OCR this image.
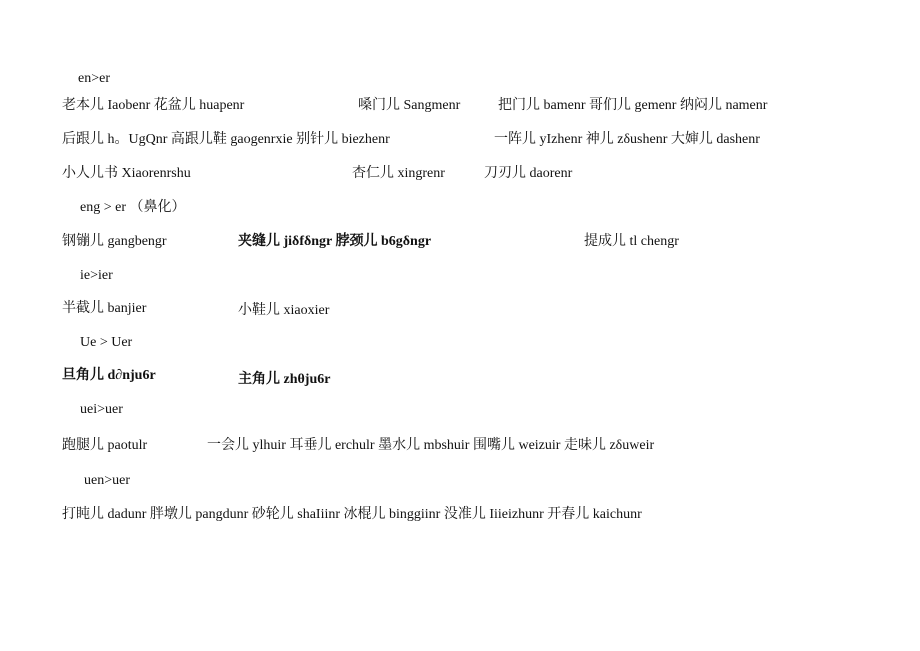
en>er
老本儿 Iaobenr 花盆儿 huapenr	嗓门儿 Sangmenr	把门儿 bamenr 哥们儿 gemenr 纳闷儿 namenr
后跟儿 h。UgQnr 高跟儿鞋 gaogenrxie 别针儿 biezhenr	一阵儿 yIzhenr 神儿 zδushenr 大婶儿 dashenr
小人儿书 Xiaorenrshu	杏仁儿 xingrenr	刀刃儿 daorenr
eng > er （鼻化）
钢镚儿 gangbengr	夹缝儿 jiδfδngr 脖颈儿 b6gδngr	提成儿 tl chengr
ie>ier
半截儿 banjier	小鞋儿 xiaoxier
Ue > Uer
旦角儿 d∂nju6r	主角儿 zhθju6r
uei>uer
跑腿儿 paotulr	一会儿 ylhuir 耳垂儿 erchulr 墨水儿 mbshuir 围嘴儿 weizuir 走味儿 zδuweir
uen>uer
打盹儿 dadunr 胖墩儿 pangdunr 砂轮儿 shaIiinr 冰棍儿 binggiinr 没准儿 Iiieizhunr 开春儿 kaichunr
